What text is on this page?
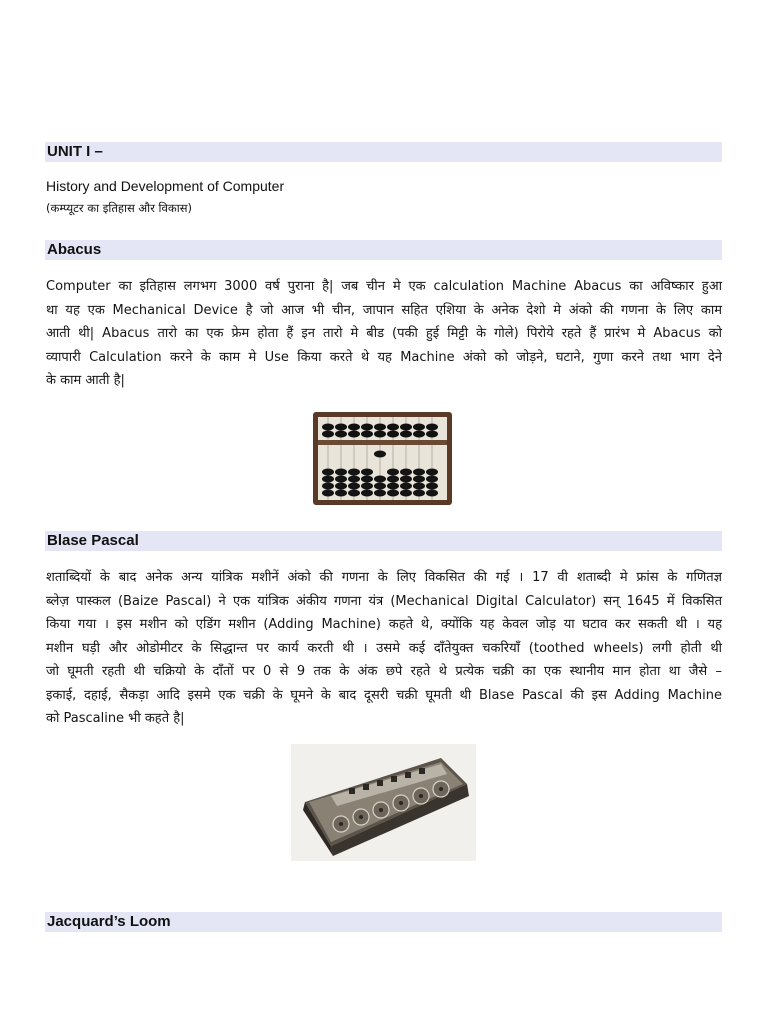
UNIT I –
History and Development of Computer
(कम्प्यूटर का इतिहास और विकास)
Abacus
Computer का इतिहास लगभग 3000 वर्ष पुराना है| जब चीन मे एक calculation Machine Abacus का अविष्कार हुआ
था यह एक Mechanical Device है जो आज भी चीन, जापान सहित एशिया के अनेक देशो मे अंको की गणना के लिए काम
आती थी| Abacus तारो का एक फ्रेम होता हैं इन तारो मे बीड (पकी हुई मिट्टी के गोले) पिरोये रहते हैं प्रारंभ मे Abacus को
व्यापारी Calculation करने के काम मे Use किया करते थे यह Machine अंको को जोड़ने, घटाने, गुणा करने तथा भाग देने
के काम आती है|
Blase Pascal
शताब्दियों के बाद अनेक अन्य यांत्रिक मशीनें अंको की गणना के लिए विकसित की गई । 17 वी शताब्दी मे फ्रांस के गणितज्ञ
ब्लेज़ पास्कल (Baize Pascal) ने एक यांत्रिक अंकीय गणना यंत्र (Mechanical Digital Calculator) सन् 1645 में विकसित
किया गया । इस मशीन को एडिंग मशीन (Adding Machine) कहते थे, क्योंकि यह केवल जोड़ या घटाव कर सकती थी । यह
मशीन घड़ी और ओडोमीटर के सिद्धान्त पर कार्य करती थी । उसमे कई दाँतेयुक्त चकरियाँ (toothed wheels) लगी होती थी
जो घूमती रहती थी चक्रियो के दाँतों पर 0 से 9 तक के अंक छपे रहते थे प्रत्येक चक्री का एक स्थानीय मान होता था जैसे –
इकाई, दहाई, सैकड़ा आदि इसमे एक चक्री के घूमने के बाद दूसरी चक्री घूमती थी Blase Pascal की इस Adding Machine
को Pascaline भी कहते है|
Jacquard’s Loom
